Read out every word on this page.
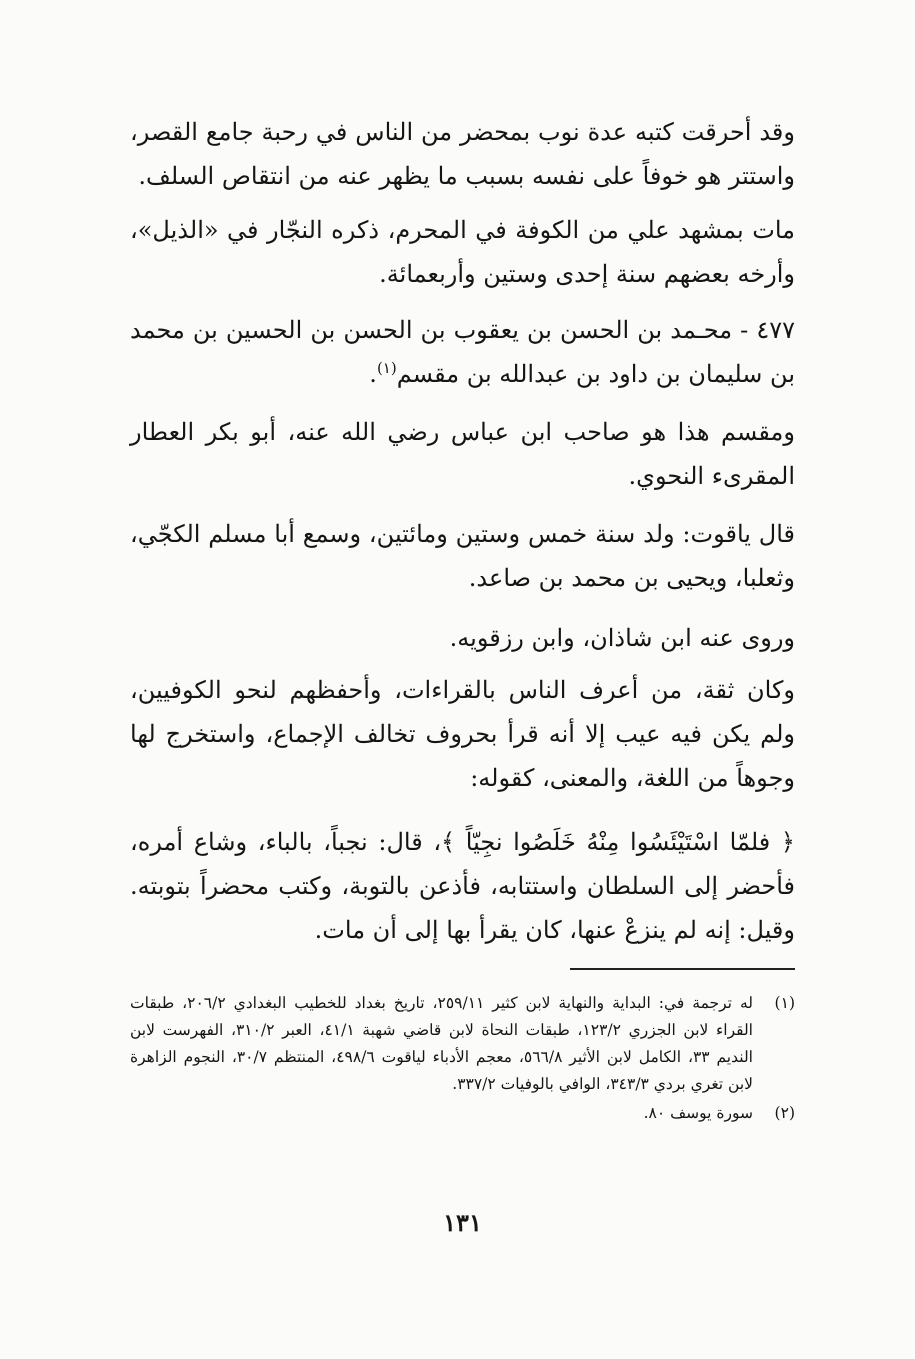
وقد أحرقت كتبه عدة نوب بمحضر من الناس في رحبة جامع القصر، واستتر هو خوفاً على نفسه بسبب ما يظهر عنه من انتقاص السلف.

مات بمشهد علي من الكوفة في المحرم، ذكره النجّار في «الذيل»، وأرخه بعضهم سنة إحدى وستين وأربعمائة.

٤٧٧ - محـمد بن الحسن بن يعقوب بن الحسن بن الحسين بن محمد بن سليمان بن داود بن عبدالله بن مقسم$^{(١)}$.

ومقسم هذا هو صاحب ابن عباس رضي الله عنه، أبو بكر العطار المقرىء النحوي.

قال ياقوت: ولد سنة خمس وستين ومائتين، وسمع أبا مسلم الكجّي، وثعلبا، ويحيى بن محمد بن صاعد.

وروى عنه ابن شاذان، وابن رزقويه.

وكان ثقة، من أعرف الناس بالقراءات، وأحفظهم لنحو الكوفيين، ولم يكن فيه عيب إلا أنه قرأ بحروف تخالف الإجماع، واستخرج لها وجوهاً من اللغة، والمعنى، كقوله:

﴿ فلمّا اسْتَيْئَسُوا مِنْهُ خَلَصُوا نجِيّاً ﴾، قال: نجباً، بالباء، وشاع أمره، فأحضر إلى السلطان واستتابه، فأذعن بالتوبة، وكتب محضراً بتوبته. وقيل: إنه لم ينزعْ عنها، كان يقرأ بها إلى أن مات.

(١)
له ترجمة في: البداية والنهاية لابن كثير ٢٥٩/١١، تاريخ بغداد للخطيب البغدادي ٢٠٦/٢، طبقات القراء لابن الجزري ١٢٣/٢، طبقات النحاة لابن قاضي شهبة ٤١/١، العبر ٣١٠/٢، الفهرست لابن النديم ٣٣، الكامل لابن الأثير ٥٦٦/٨، معجم الأدباء لياقوت ٤٩٨/٦، المنتظم ٣٠/٧، النجوم الزاهرة لابن تغري بردي ٣٤٣/٣، الوافي بالوفيات ٣٣٧/٢.
(٢)
سورة يوسف ٨٠.
١٣١
